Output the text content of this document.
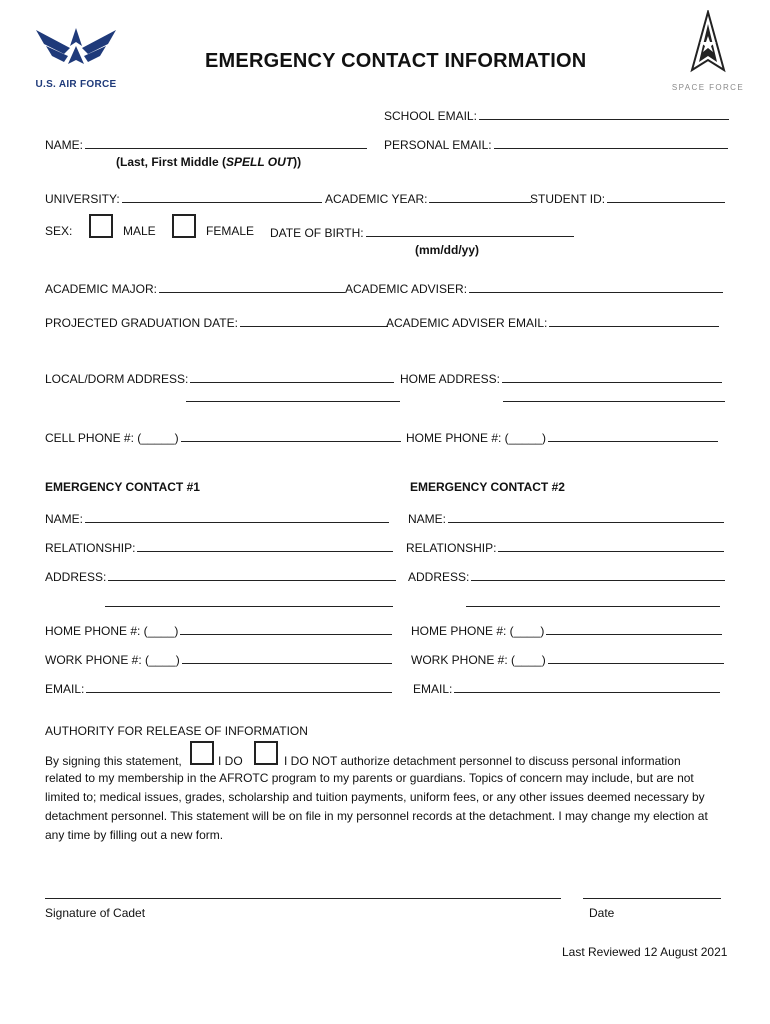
U.S. AIR FORCE	SPACE FORCE
EMERGENCY CONTACT INFORMATION
SCHOOL EMAIL:
NAME:	PERSONAL EMAIL:
(Last, First Middle (SPELL OUT))
UNIVERSITY:	ACADEMIC YEAR:	STUDENT ID:
SEX:	MALE	FEMALE DATE OF BIRTH:
(mm/dd/yy)
ACADEMIC MAJOR:	ACADEMIC ADVISER:
PROJECTED GRADUATION DATE:	ACADEMIC ADVISER EMAIL:
LOCAL/DORM ADDRESS:	HOME ADDRESS:
CELL PHONE #: (_____)	HOME PHONE #: (_____)
EMERGENCY CONTACT #1	EMERGENCY CONTACT #2
NAME:	NAME:
RELATIONSHIP:	RELATIONSHIP:
ADDRESS:	ADDRESS:
HOME PHONE #: (____)	HOME PHONE #: (____)
WORK PHONE #: (____)	WORK PHONE #: (____)
EMAIL:	EMAIL:
AUTHORITY FOR RELEASE OF INFORMATION
By signing this statement,	I DO	I DO NOT authorize detachment personnel to discuss personal information
related to my membership in the AFROTC program to my parents or guardians. Topics of concern may include, but are not limited to; medical issues, grades, scholarship and tuition payments, uniform fees, or any other issues deemed necessary by detachment personnel. This statement will be on file in my personnel records at the detachment. I may change my election at any time by filling out a new form.
Signature of Cadet	Date
Last Reviewed 12 August 2021
